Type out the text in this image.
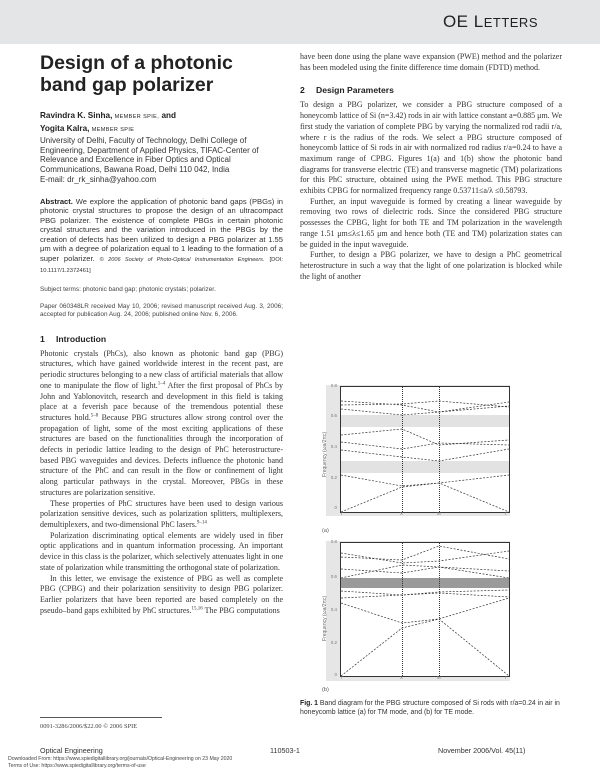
OE LETTERS
Design of a photonic band gap polarizer
Ravindra K. Sinha, MEMBER SPIE, and
Yogita Kalra, MEMBER SPIE
University of Delhi, Faculty of Technology, Delhi College of Engineering, Department of Applied Physics, TIFAC-Center of Relevance and Excellence in Fiber Optics and Optical Communications, Bawana Road, Delhi 110 042, India
E-mail: dr_rk_sinha@yahoo.com
Abstract. We explore the application of photonic band gaps (PBGs) in photonic crystal structures to propose the design of an ultracompact PBG polarizer. The existence of complete PBGs in certain photonic crystal structures and the variation introduced in the PBGs by the creation of defects has been utilized to design a PBG polarizer at 1.55 μm with a degree of polarization equal to 1 leading to the formation of a super polarizer. © 2006 Society of Photo-Optical Instrumentation Engineers. [DOI: 10.1117/1.2372461]
Subject terms: photonic band gap; photonic crystals; polarizer.
Paper 060348LR received May 10, 2006; revised manuscript received Aug. 3, 2006; accepted for publication Aug. 24, 2006; published online Nov. 6, 2006.
1 Introduction

Photonic crystals (PhCs), also known as photonic band gap (PBG) structures, which have gained worldwide interest in the recent past, are periodic structures belonging to a new class of artificial materials that allow one to manipulate the flow of light.$^{1-4}$ After the first proposal of PhCs by John and Yablonovitch, research and development in this field is taking place at a feverish pace because of the tremendous potential these structures hold.$^{5-8}$ Because PBG structures allow strong control over the propagation of light, some of the most exciting applications of these structures are based on the functionalities through the incorporation of defects in periodic lattice leading to the design of PhC heterostructure-based PBG waveguides and devices. Defects influence the photonic band structure of the PhC and can result in the flow or confinement of light along particular pathways in the crystal. Moreover, PBGs in these structures are polarization sensitive.

These properties of PhC structures have been used to design various polarization sensitive devices, such as polarization splitters, multiplexers, demultiplexers, and two-dimensional PhC lasers.$^{9-14}$

Polarization discriminating optical elements are widely used in fiber optic applications and in quantum information processing. An important device in this class is the polarizer, which selectively attenuates light in one state of polarization while transmitting the orthogonal state of polarization.

In this letter, we envisage the existence of PBG as well as complete PBG (CPBG) and their polarization sensitivity to design PBG polarizer. Earlier polarizers that have been reported are based completely on the pseudo–band gaps exhibited by PhC structures.$^{15,16}$ The PBG computations

have been done using the plane wave expansion (PWE) method and the polarizer has been modeled using the finite difference time domain (FDTD) method.

2 Design Parameters

To design a PBG polarizer, we consider a PBG structure composed of a honeycomb lattice of Si (n=3.42) rods in air with lattice constant a=0.885 μm. We first study the variation of complete PBG by varying the normalized rod radii r/a, where r is the radius of the rods. We select a PBG structure composed of honeycomb lattice of Si rods in air with normalized rod radius r/a=0.24 to have a maximum range of CPBG. Figures 1(a) and 1(b) show the photonic band diagrams for transverse electric (TE) and transverse magnetic (TM) polarizations for this PhC structure, obtained using the PWE method. This PBG structure exhibits CPBG for normalized frequency range 0.53711≤a/λ ≤0.58793.

Further, an input waveguide is formed by creating a linear waveguide by removing two rows of dielectric rods. Since the considered PBG structure possesses the CPBG, light for both TE and TM polarization in the wavelength range 1.51 μm≤λ≤1.65 μm and hence both (TE and TM) polarization states can be guided in the input waveguide.

Further, to design a PBG polarizer, we have to design a PhC geometrical heterostructure in such a way that the light of one polarization is blocked while the light of another

Frequency (ωa/2πc)
0.8
0.6
0.4
0.2
0
Γ	X	M	Γ
(a)
Frequency (ωa/2πc)
0.8
0.6
0.4
0.2
0
Γ	X	M	Γ
(b)
Fig. 1 Band diagram for the PBG structure composed of Si rods with r/a=0.24 in air in honeycomb lattice (a) for TM mode, and (b) for TE mode.
0091-3286/2006/$22.00 © 2006 SPIE
Optical Engineering	110503-1	November 2006/Vol. 45(11)
Downloaded From: https://www.spiedigitallibrary.org/journals/Optical-Engineering on 23 May 2020
Terms of Use: https://www.spiedigitallibrary.org/terms-of-use
